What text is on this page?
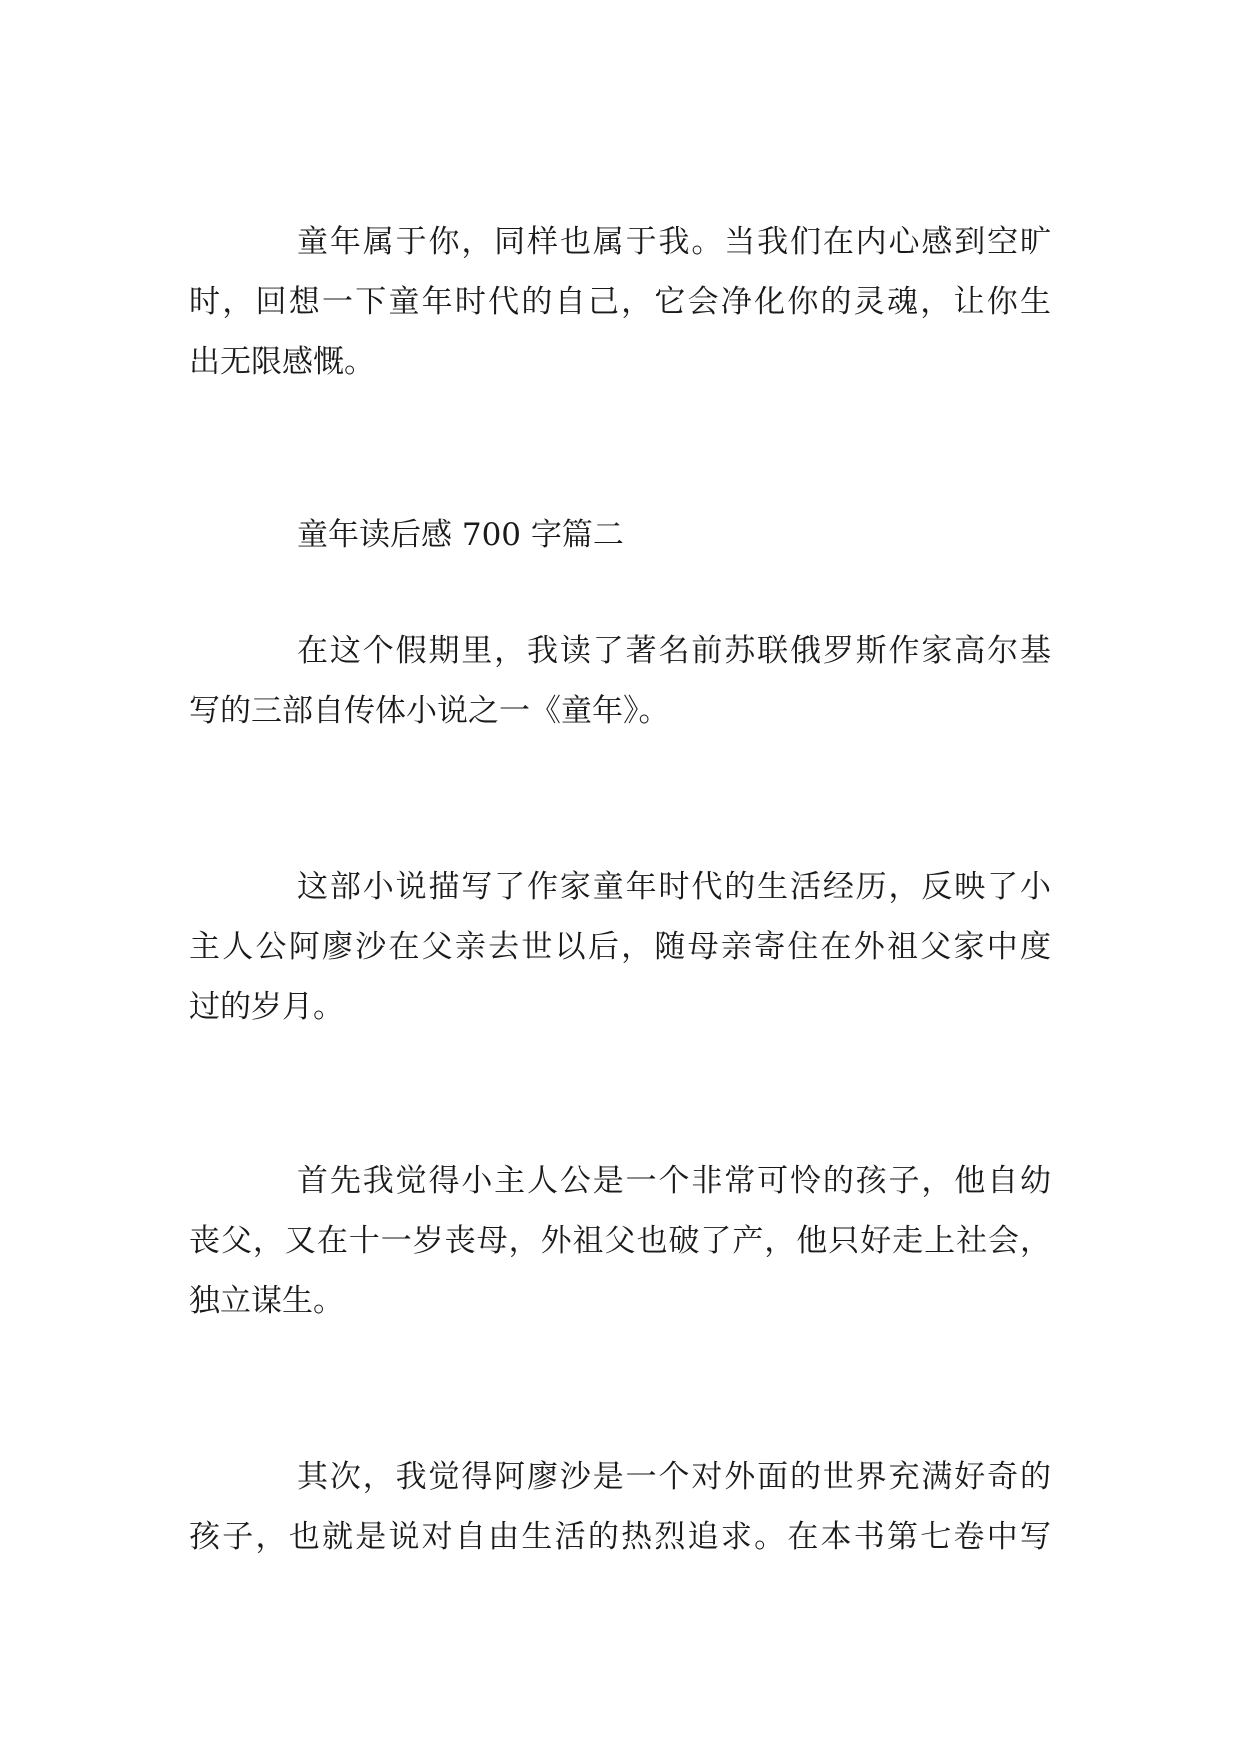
童年属于你，同样也属于我。当我们在内心感到空旷
时，回想一下童年时代的自己，它会净化你的灵魂，让你生
出无限感慨。
童年读后感 700 字篇二
在这个假期里，我读了著名前苏联俄罗斯作家高尔基
写的三部自传体小说之一《童年》。
这部小说描写了作家童年时代的生活经历，反映了小
主人公阿廖沙在父亲去世以后，随母亲寄住在外祖父家中度
过的岁月。
首先我觉得小主人公是一个非常可怜的孩子，他自幼
丧父，又在十一岁丧母，外祖父也破了产，他只好走上社会，
独立谋生。
其次，我觉得阿廖沙是一个对外面的世界充满好奇的
孩子，也就是说对自由生活的热烈追求。在本书第七卷中写
